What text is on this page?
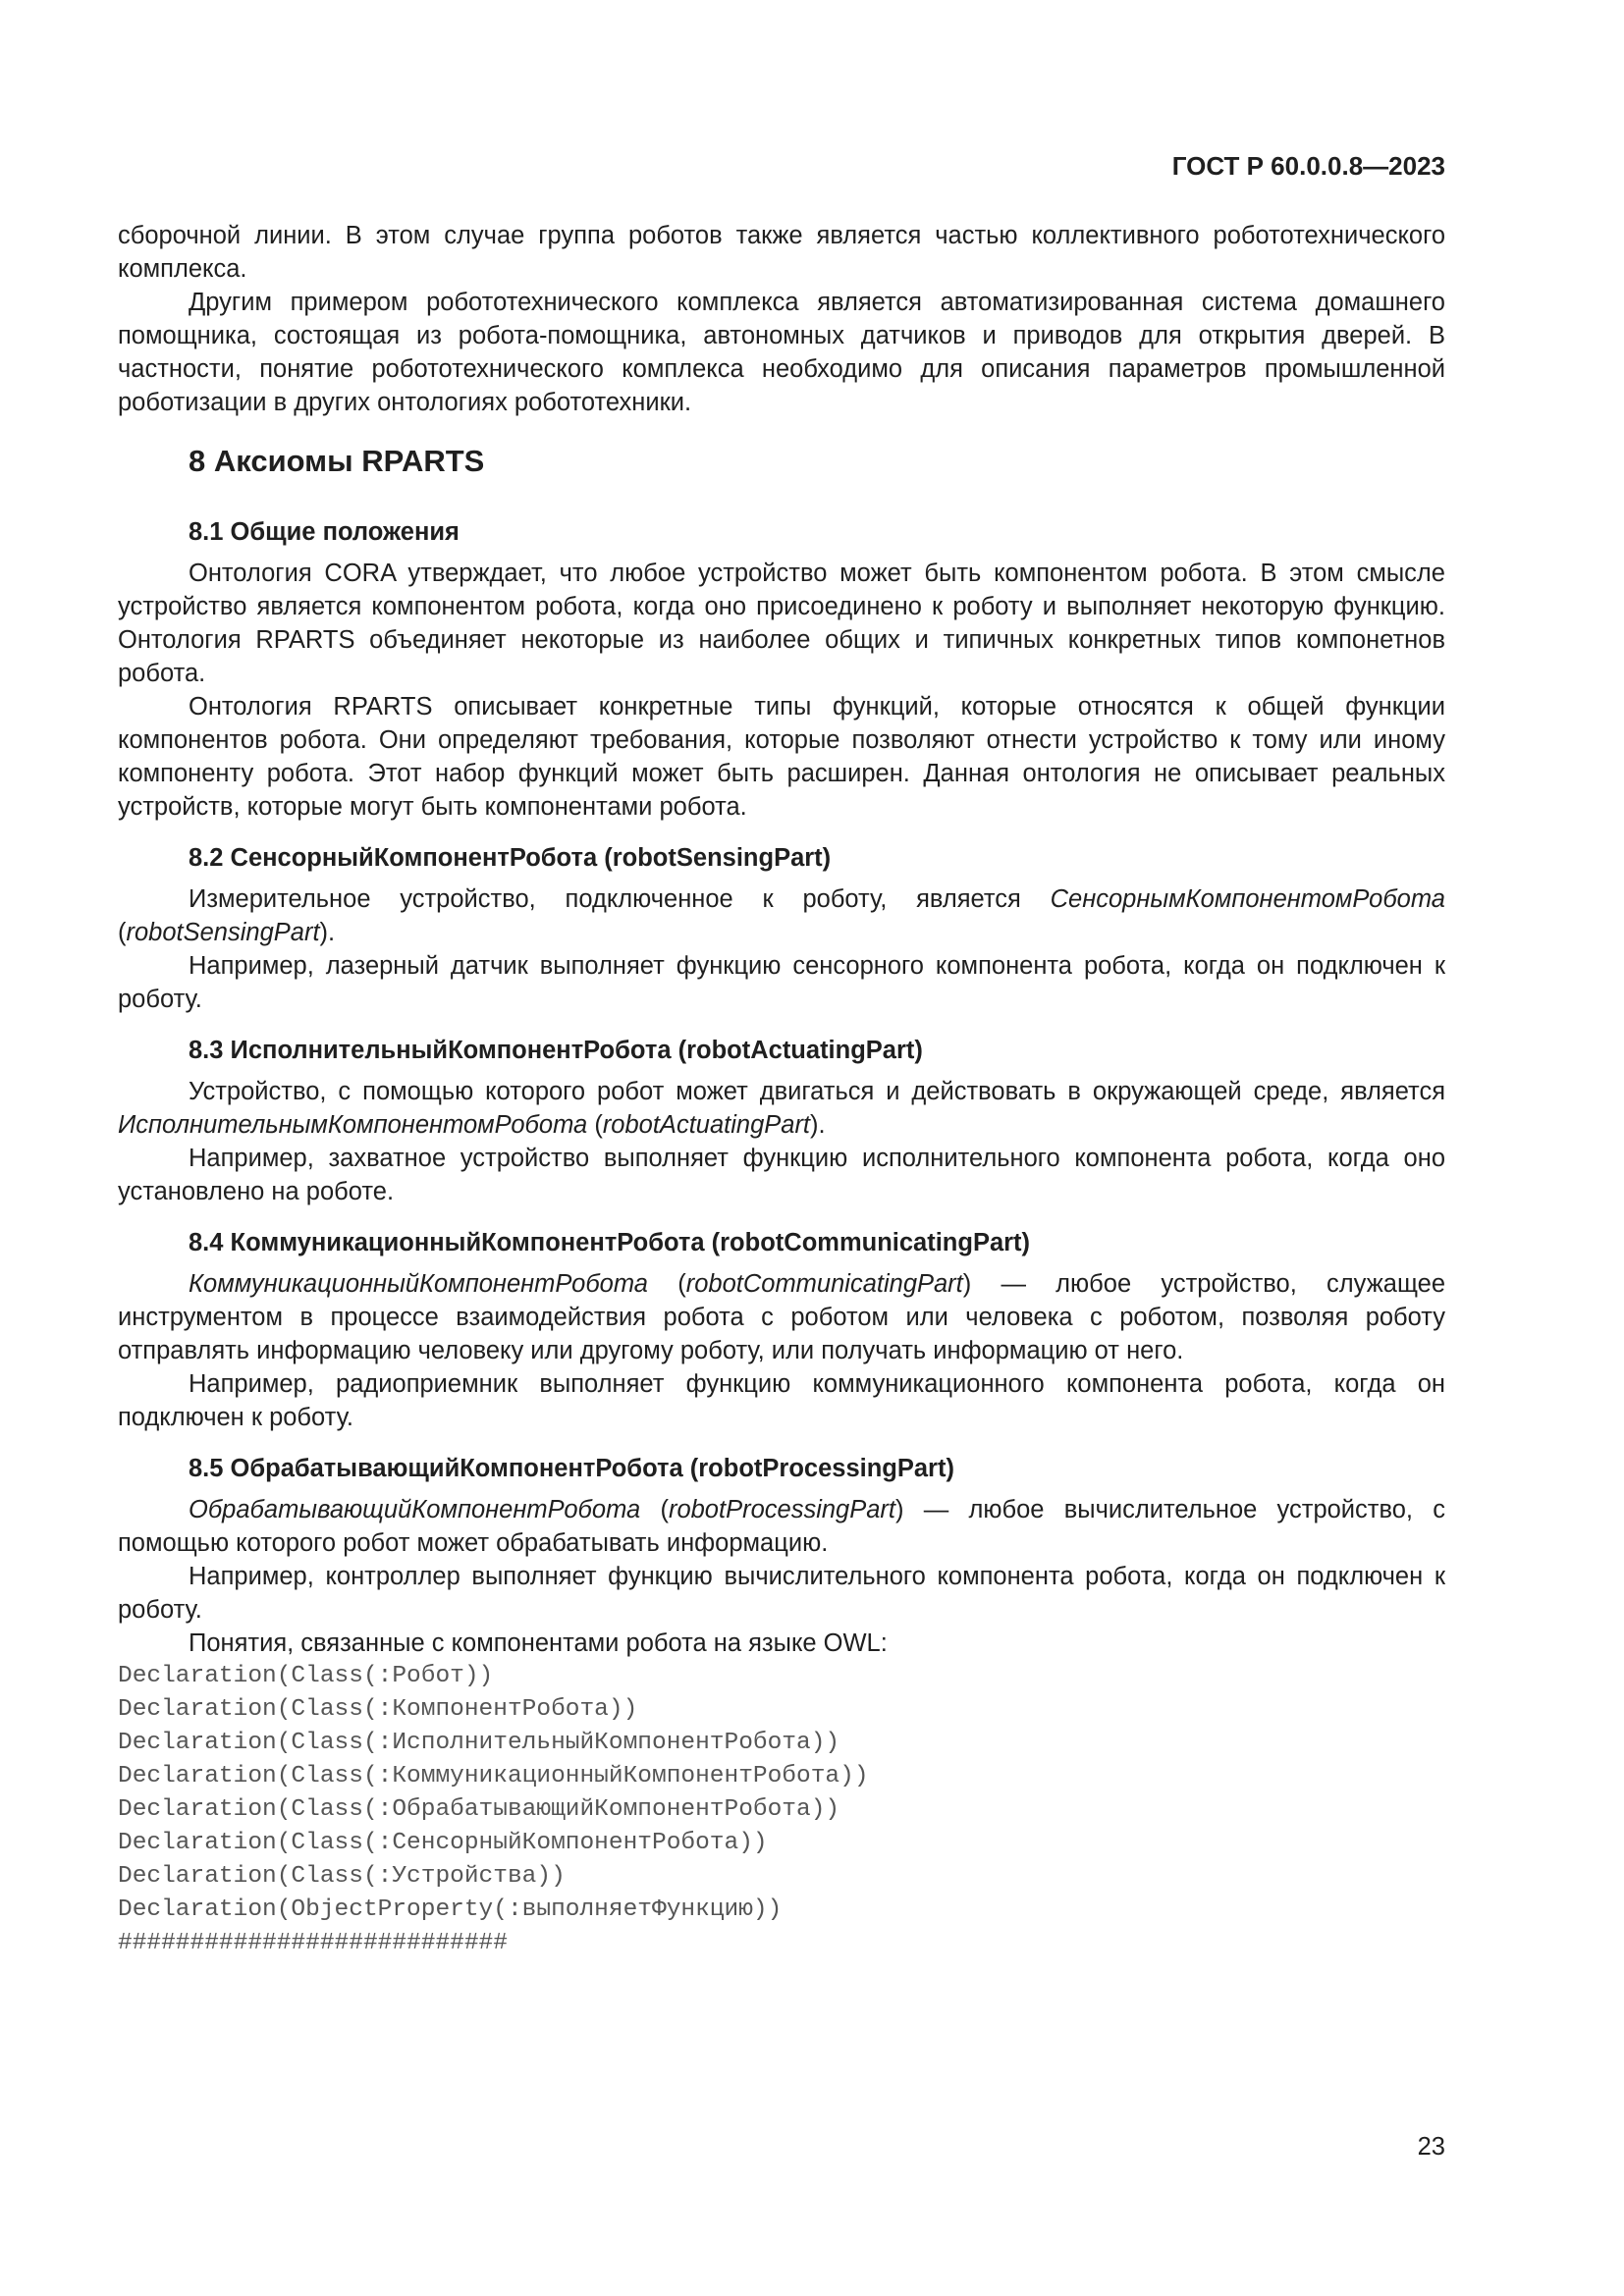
ГОСТ Р 60.0.0.8—2023

сборочной линии. В этом случае группа роботов также является частью коллективного робототехнического комплекса.

Другим примером робототехнического комплекса является автоматизированная система домашнего помощника, состоящая из робота-помощника, автономных датчиков и приводов для открытия дверей. В частности, понятие робототехнического комплекса необходимо для описания параметров промышленной роботизации в других онтологиях робототехники.

8 Аксиомы RPARTS
8.1 Общие положения

Онтология CORA утверждает, что любое устройство может быть компонентом робота. В этом смысле устройство является компонентом робота, когда оно присоединено к роботу и выполняет некоторую функцию. Онтология RPARTS объединяет некоторые из наиболее общих и типичных конкретных типов компонетнов робота.

Онтология RPARTS описывает конкретные типы функций, которые относятся к общей функции компонентов робота. Они определяют требования, которые позволяют отнести устройство к тому или иному компоненту робота. Этот набор функций может быть расширен. Данная онтология не описывает реальных устройств, которые могут быть компонентами робота.

8.2 СенсорныйКомпонентРобота (robotSensingPart)

Измерительное устройство, подключенное к роботу, является СенсорнымКомпонентомРобота (robotSensingPart).

Например, лазерный датчик выполняет функцию сенсорного компонента робота, когда он подключен к роботу.

8.3 ИсполнительныйКомпонентРобота (robotActuatingPart)

Устройство, с помощью которого робот может двигаться и действовать в окружающей среде, является ИсполнительнымКомпонентомРобота (robotActuatingPart).

Например, захватное устройство выполняет функцию исполнительного компонента робота, когда оно установлено на роботе.

8.4 КоммуникационныйКомпонентРобота (robotCommunicatingPart)

КоммуникационныйКомпонентРобота (robotCommunicatingPart) — любое устройство, служащее инструментом в процессе взаимодействия робота с роботом или человека с роботом, позволяя роботу отправлять информацию человеку или другому роботу, или получать информацию от него.

Например, радиоприемник выполняет функцию коммуникационного компонента робота, когда он подключен к роботу.

8.5 ОбрабатывающийКомпонентРобота (robotProcessingPart)

ОбрабатывающийКомпонентРобота (robotProcessingPart) — любое вычислительное устройство, с помощью которого робот может обрабатывать информацию.

Например, контроллер выполняет функцию вычислительного компонента робота, когда он подключен к роботу.

Понятия, связанные с компонентами робота на языке OWL:

Declaration(Class(:Робот))
Declaration(Class(:КомпонентРобота))
Declaration(Class(:ИсполнительныйКомпонентРобота))
Declaration(Class(:КоммуникационныйКомпонентРобота))
Declaration(Class(:ОбрабатывающийКомпонентРобота))
Declaration(Class(:СенсорныйКомпонентРобота))
Declaration(Class(:Устройства))
Declaration(ObjectProperty(:выполняетФункцию))
###########################

23
